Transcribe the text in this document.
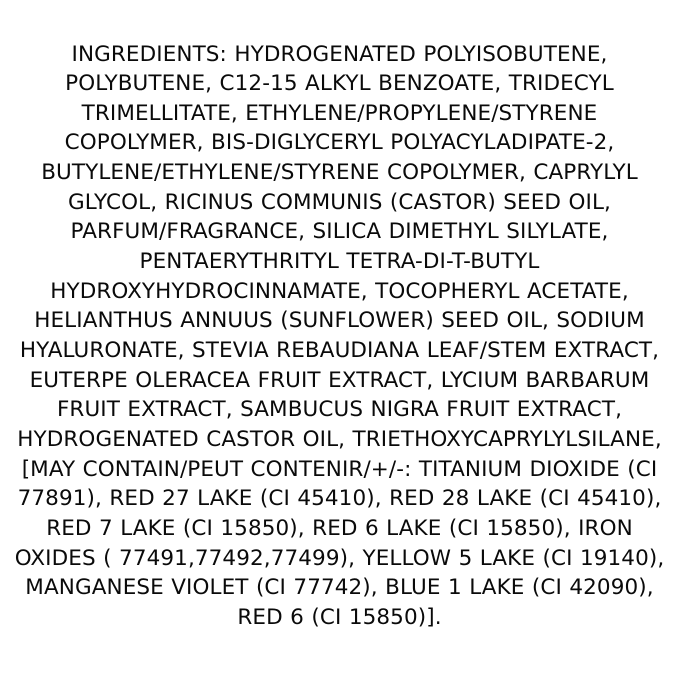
INGREDIENTS: HYDROGENATED POLYISOBUTENE, POLYBUTENE, C12-15 ALKYL BENZOATE, TRIDECYL TRIMELLITATE, ETHYLENE/PROPYLENE/STYRENE COPOLYMER, BIS-DIGLYCERYL POLYACYLADIPATE-2, BUTYLENE/ETHYLENE/STYRENE COPOLYMER, CAPRYLYL GLYCOL, RICINUS COMMUNIS (CASTOR) SEED OIL, PARFUM/FRAGRANCE, SILICA DIMETHYL SILYLATE, PENTAERYTHRITYL TETRA-DI-T-BUTYL HYDROXYHYDROCINNAMATE, TOCOPHERYL ACETATE, HELIANTHUS ANNUUS (SUNFLOWER) SEED OIL, SODIUM HYALURONATE, STEVIA REBAUDIANA LEAF/STEM EXTRACT, EUTERPE OLERACEA FRUIT EXTRACT, LYCIUM BARBARUM FRUIT EXTRACT, SAMBUCUS NIGRA FRUIT EXTRACT, HYDROGENATED CASTOR OIL, TRIETHOXYCAPRYLYLSILANE, [MAY CONTAIN/PEUT CONTENIR/+/-: TITANIUM DIOXIDE (CI 77891), RED 27 LAKE (CI 45410), RED 28 LAKE (CI 45410), RED 7 LAKE (CI 15850), RED 6 LAKE (CI 15850), IRON OXIDES ( 77491,77492,77499), YELLOW 5 LAKE (CI 19140), MANGANESE VIOLET (CI 77742), BLUE 1 LAKE (CI 42090), RED 6 (CI 15850)].
